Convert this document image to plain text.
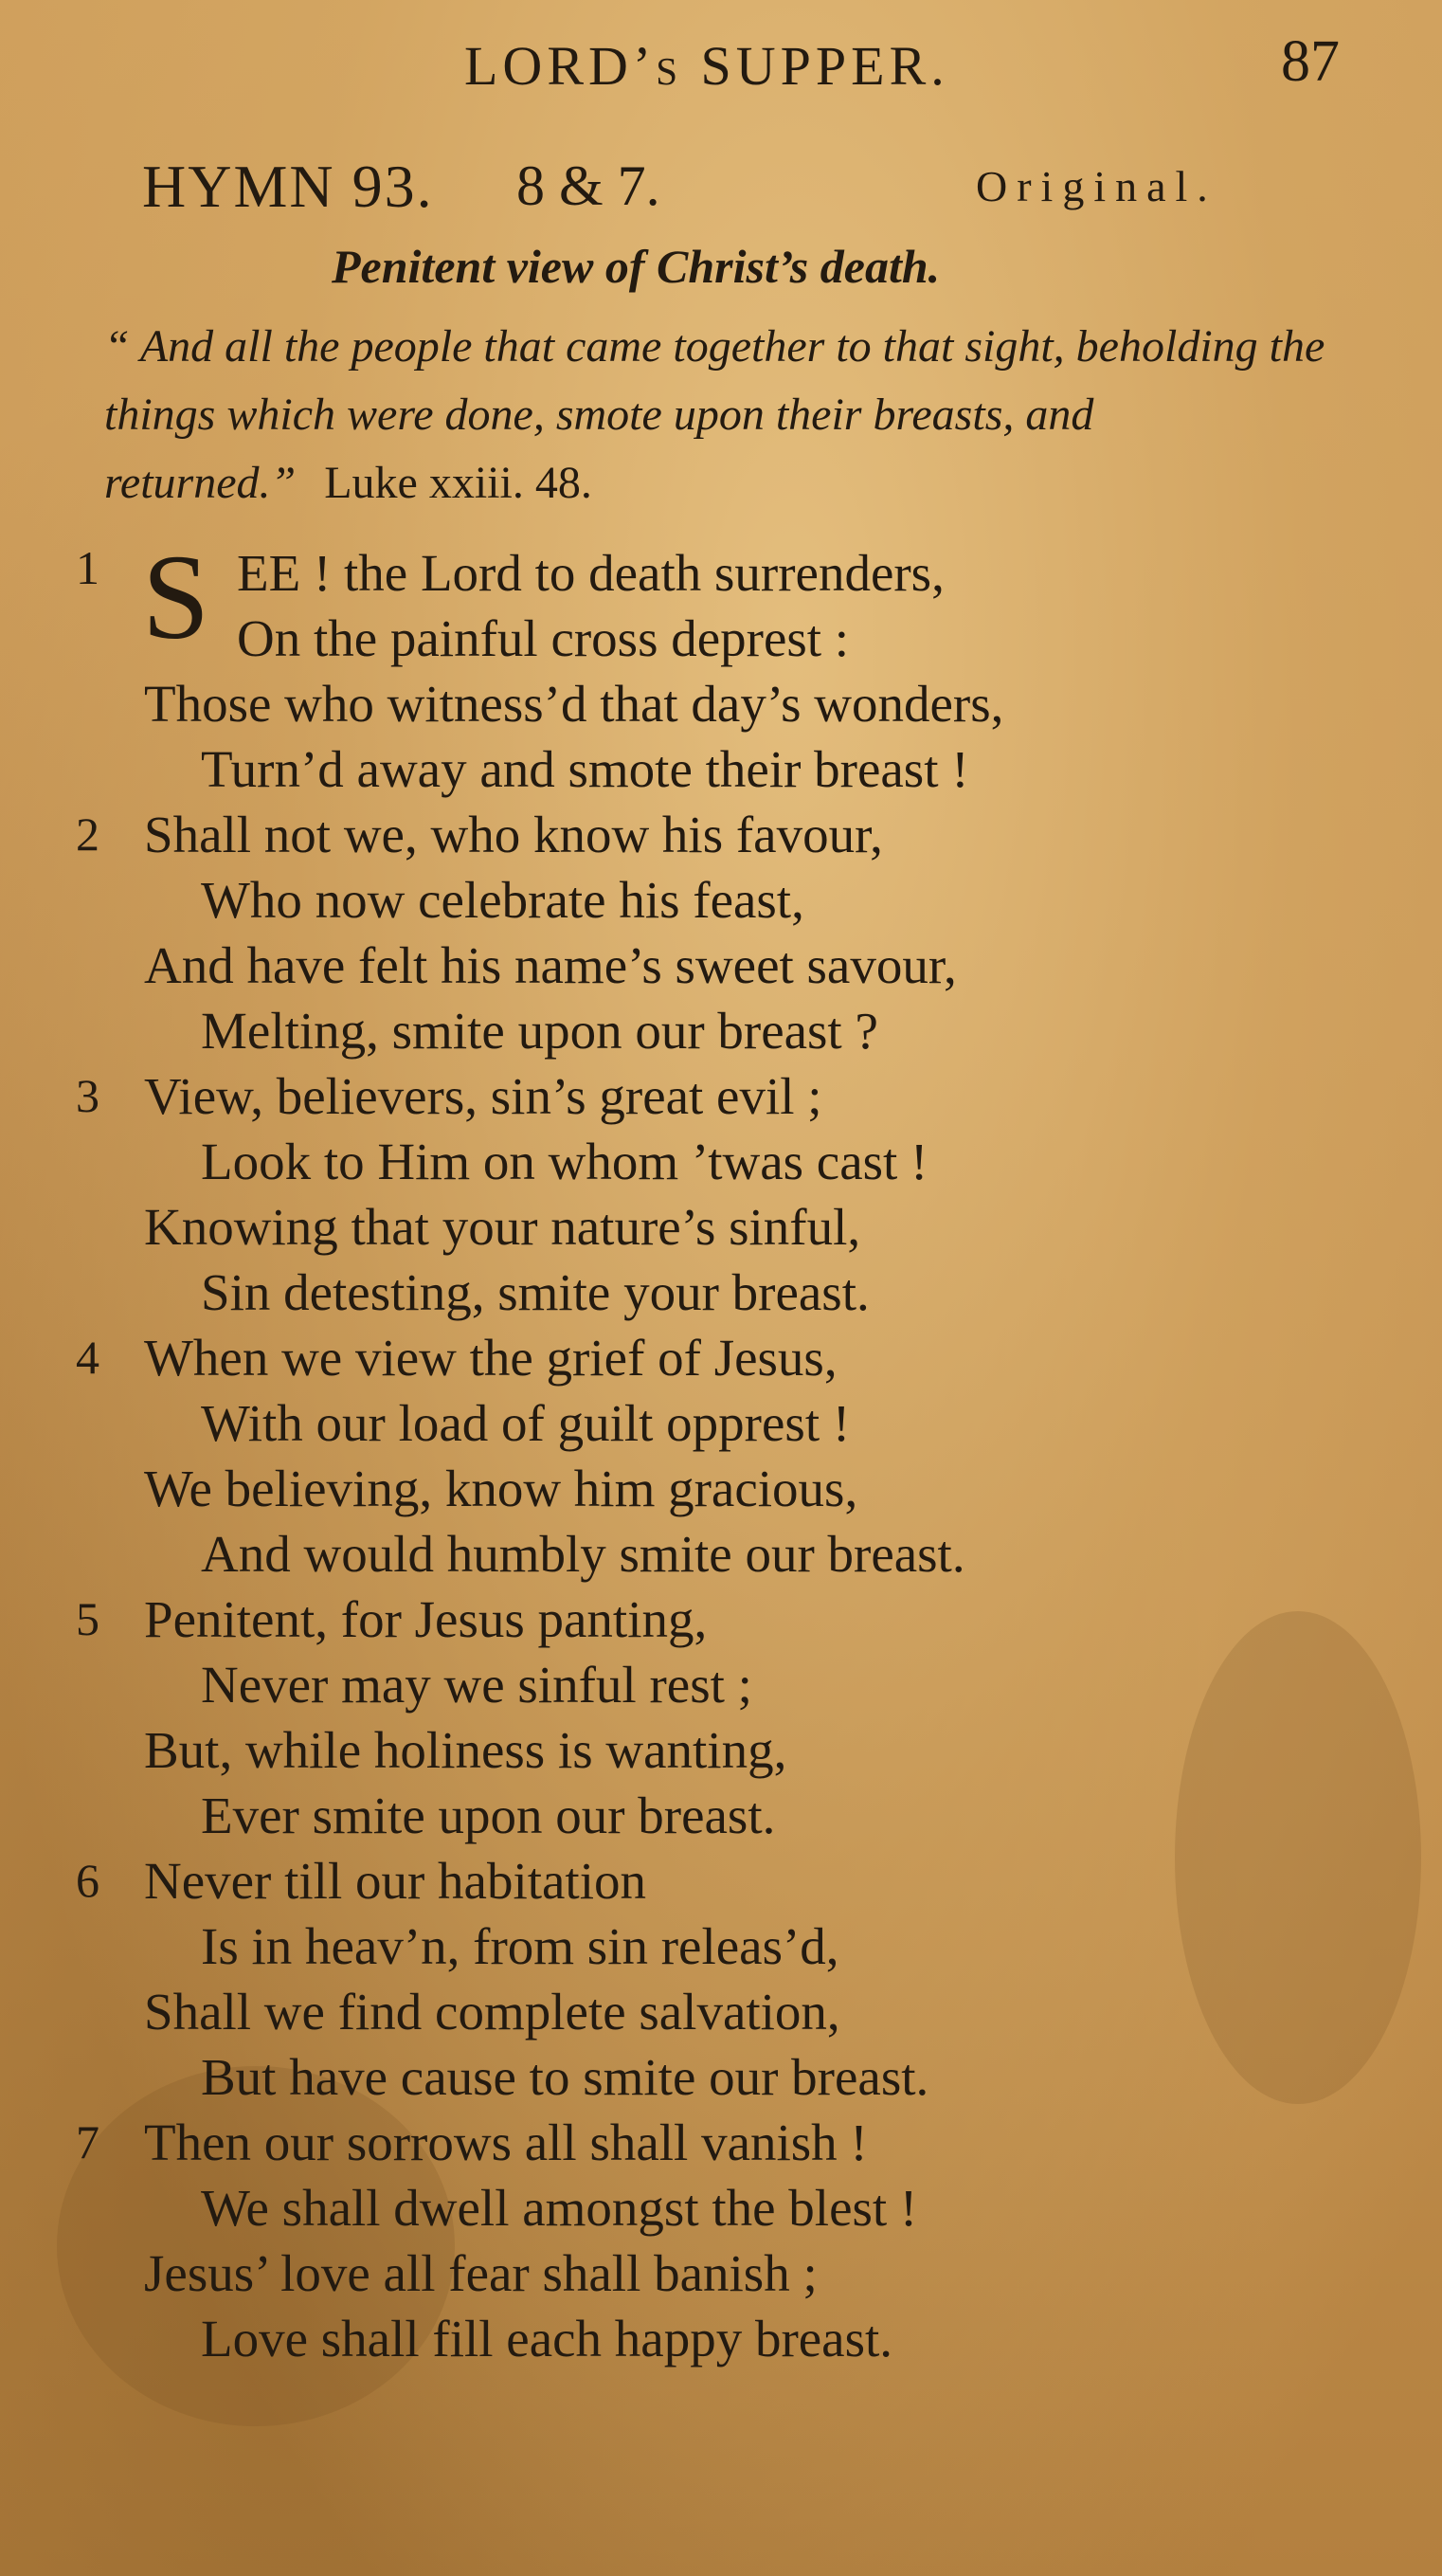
LORD’s SUPPER.	87
HYMN 93. 8 & 7.	Original.
Penitent view of Christ’s death.
“ And all the people that came together to that sight, beholding the things which were done, smote upon their breasts, and returned.” Luke xxiii. 48.
1 S EE ! the Lord to death surrenders,
On the painful cross deprest :
Those who witness’d that day’s wonders,
Turn’d away and smote their breast !
2 Shall not we, who know his favour,
Who now celebrate his feast,
And have felt his name’s sweet savour,
Melting, smite upon our breast ?
3 View, believers, sin’s great evil ;
Look to Him on whom ’twas cast !
Knowing that your nature’s sinful,
Sin detesting, smite your breast.
4 When we view the grief of Jesus,
With our load of guilt opprest !
We believing, know him gracious,
And would humbly smite our breast.
5 Penitent, for Jesus panting,
Never may we sinful rest ;
But, while holiness is wanting,
Ever smite upon our breast.
6 Never till our habitation
Is in heav’n, from sin releas’d,
Shall we find complete salvation,
But have cause to smite our breast.
7 Then our sorrows all shall vanish !
We shall dwell amongst the blest !
Jesus’ love all fear shall banish ;
Love shall fill each happy breast.
